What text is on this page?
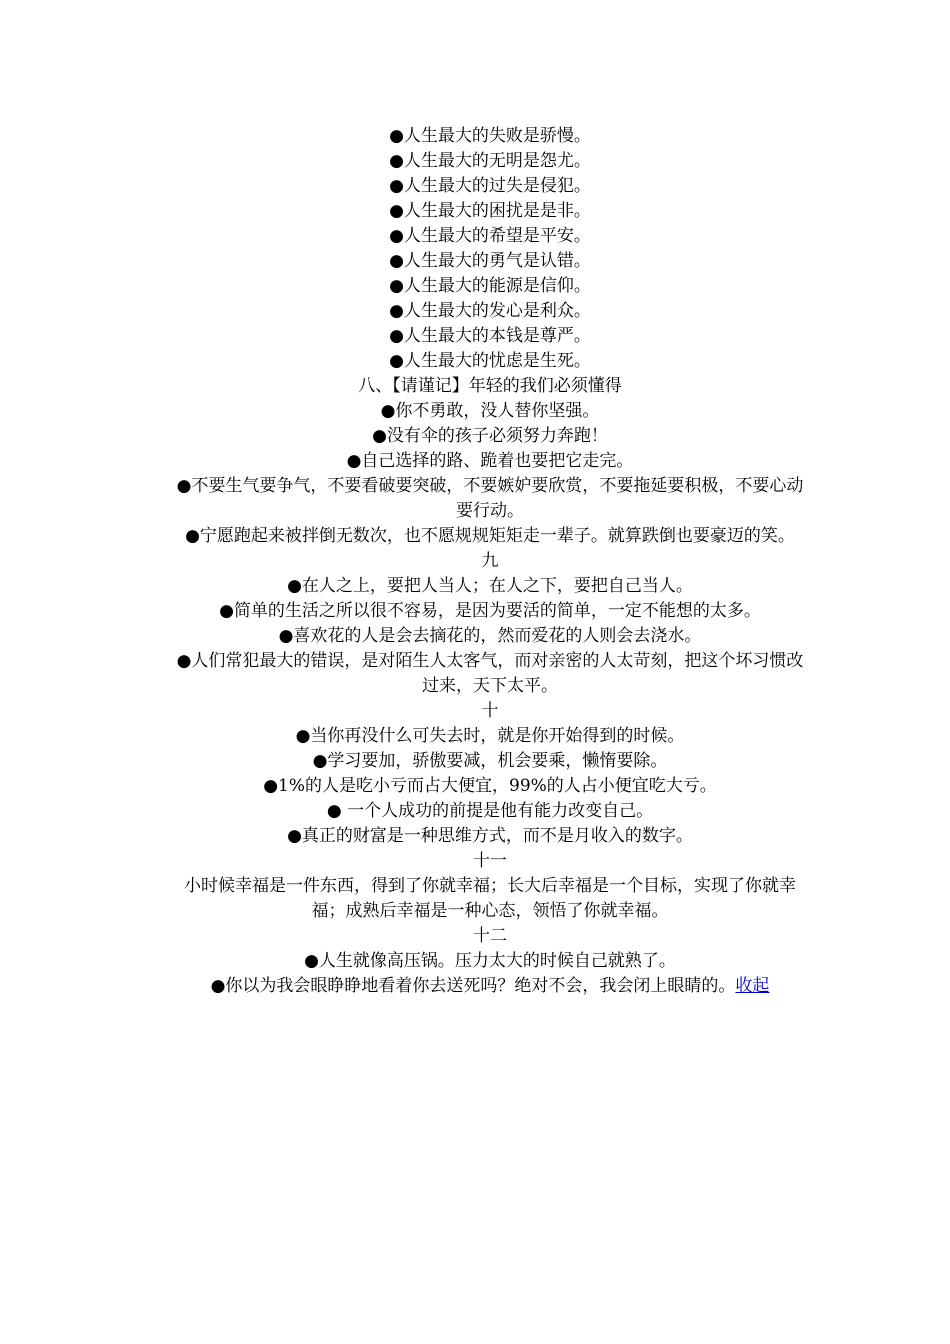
●人生最大的失败是骄慢。

●人生最大的无明是怨尤。

●人生最大的过失是侵犯。

●人生最大的困扰是是非。

●人生最大的希望是平安。

●人生最大的勇气是认错。

●人生最大的能源是信仰。

●人生最大的发心是利众。

●人生最大的本钱是尊严。

●人生最大的忧虑是生死。

八、【请谨记】年轻的我们必须懂得

●你不勇敢，没人替你坚强。

●没有伞的孩子必须努力奔跑！

●自己选择的路、跪着也要把它走完。

●不要生气要争气，不要看破要突破，不要嫉妒要欣赏，不要拖延要积极，不要心动要行动。

●宁愿跑起来被拌倒无数次，也不愿规规矩矩走一辈子。就算跌倒也要豪迈的笑。

九

●在人之上，要把人当人；在人之下，要把自己当人。

●简单的生活之所以很不容易，是因为要活的简单，一定不能想的太多。

●喜欢花的人是会去摘花的，然而爱花的人则会去浇水。

●人们常犯最大的错误，是对陌生人太客气，而对亲密的人太苛刻，把这个坏习惯改过来，天下太平。

十

●当你再没什么可失去时，就是你开始得到的时候。

●学习要加，骄傲要减，机会要乘，懒惰要除。

●1%的人是吃小亏而占大便宜，99%的人占小便宜吃大亏。

● 一个人成功的前提是他有能力改变自己。

●真正的财富是一种思维方式，而不是月收入的数字。

十一

小时候幸福是一件东西，得到了你就幸福；长大后幸福是一个目标，实现了你就幸福；成熟后幸福是一种心态，领悟了你就幸福。

十二

●人生就像高压锅。压力太大的时候自己就熟了。

●你以为我会眼睁睁地看着你去送死吗？绝对不会，我会闭上眼睛的。收起
